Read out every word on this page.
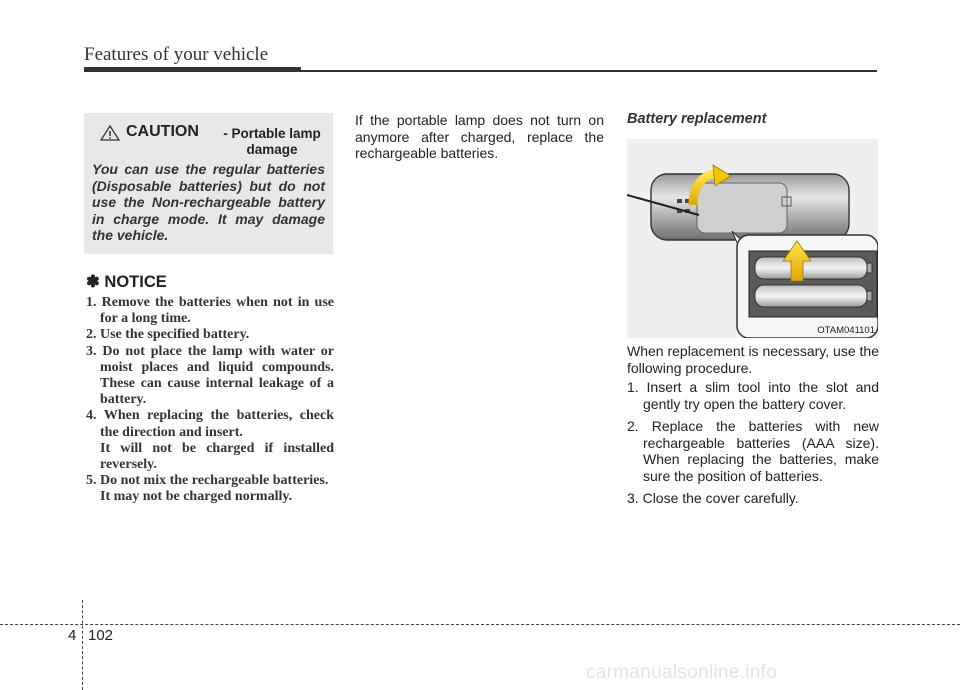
Features of your vehicle
CAUTION	- Portable lamp damage
You can use the regular batteries (Disposable batteries) but do not use the Non-rechargeable battery in charge mode. It may damage the vehicle.
✽ NOTICE
1. Remove the batteries when not in use for a long time.
2. Use the specified battery.
3. Do not place the lamp with water or moist places and liquid compounds. These can cause internal leakage of a battery.
4. When replacing the batteries, check the direction and insert.
It will not be charged if installed reversely.
5. Do not mix the rechargeable batteries.
It may not be charged normally.
If the portable lamp does not turn on anymore after charged, replace the rechargeable batteries.
Battery replacement
OTAM041101
When replacement is necessary, use the following procedure.
1. Insert a slim tool into the slot and gently try open the battery cover.
2. Replace the batteries with new rechargeable batteries (AAA size). When replacing the batteries, make sure the position of batteries.
3. Close the cover carefully.
4 102
carmanualsonline.info
